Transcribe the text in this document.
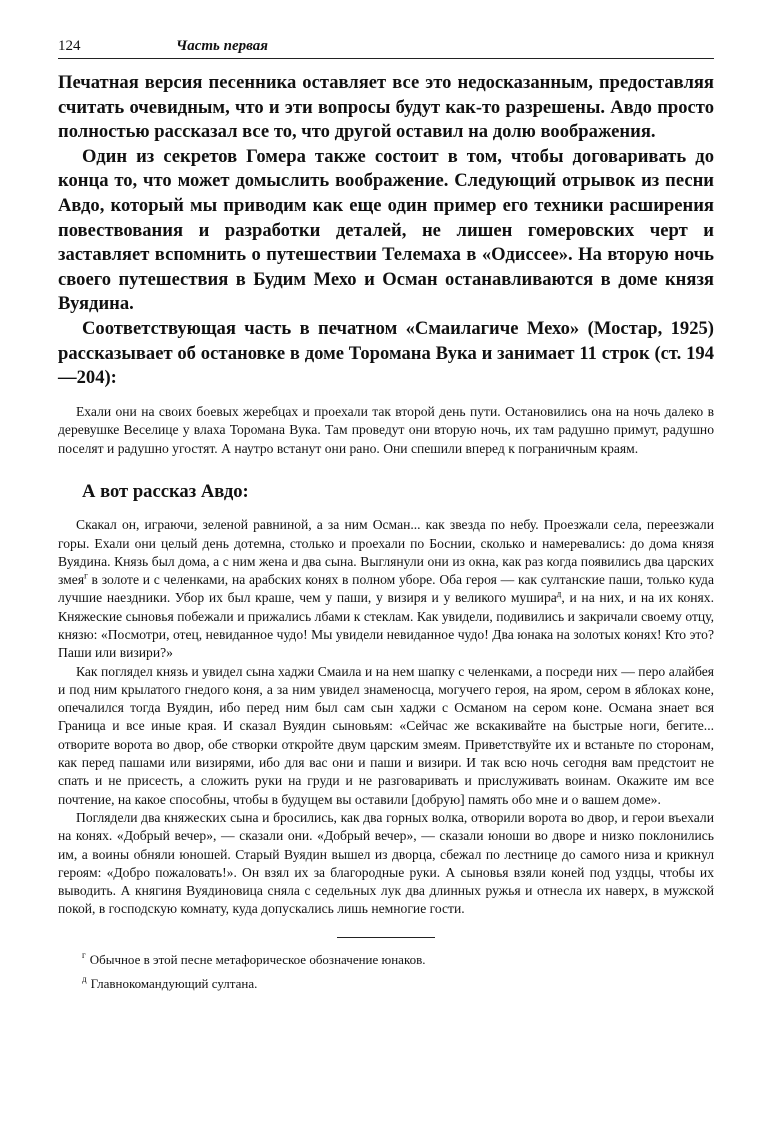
124	Часть первая

Печатная версия песенника оставляет все это недосказанным, предоставляя считать очевидным, что и эти вопросы будут как-то разрешены. Авдо просто полностью рассказал все то, что другой оставил на долю воображения.

Один из секретов Гомера также состоит в том, чтобы договаривать до конца то, что может домыслить воображение. Следующий отрывок из песни Авдо, который мы приводим как еще один пример его техники расширения повествования и разработки деталей, не лишен гомеровских черт и заставляет вспомнить о путешествии Телемаха в «Одиссее». На вторую ночь своего путешествия в Будим Мехо и Осман останавливаются в доме князя Вуядина.

Соответствующая часть в печатном «Смаилагиче Мехо» (Мостар, 1925) рассказывает об остановке в доме Торомана Вука и занимает 11 строк (ст. 194—204):

Ехали они на своих боевых жеребцах и проехали так второй день пути. Остановились она на ночь далеко в деревушке Веселице у влаха Торомана Вука. Там проведут они вторую ночь, их там радушно примут, радушно поселят и радушно угостят. А наутро встанут они рано. Они спешили вперед к пограничным краям.

А вот рассказ Авдо:

Скакал он, играючи, зеленой равниной, а за ним Осман... как звезда по небу. Проезжали села, переезжали горы. Ехали они целый день дотемна, столько и проехали по Боснии, сколько и намеревались: до дома князя Вуядина. Князь был дома, а с ним жена и два сына. Выглянули они из окна, как раз когда появились два царских змея$^г$ в золоте и с челенками, на арабских конях в полном уборе. Оба героя — как султанские паши, только куда лучшие наездники. Убор их был краше, чем у паши, у визиря и у великого мушира$^д$, и на них, и на их конях. Княжеские сыновья побежали и прижались лбами к стеклам. Как увидели, подивились и закричали своему отцу, князю: «Посмотри, отец, невиданное чудо! Мы увидели невиданное чудо! Два юнака на золотых конях! Кто это? Паши или визири?»

Как поглядел князь и увидел сына хаджи Смаила и на нем шапку с челенками, а посреди них — перо алайбея и под ним крылатого гнедого коня, а за ним увидел знаменосца, могучего героя, на яром, сером в яблоках коне, опечалился тогда Вуядин, ибо перед ним был сам сын хаджи с Османом на сером коне. Османа знает вся Граница и все иные края. И сказал Вуядин сыновьям: «Сейчас же вскакивайте на быстрые ноги, бегите... отворите ворота во двор, обе створки откройте двум царским змеям. Приветствуйте их и встаньте по сторонам, как перед пашами или визирями, ибо для вас они и паши и визири. И так всю ночь сегодня вам предстоит не спать и не присесть, а сложить руки на груди и не разговаривать и прислуживать воинам. Окажите им все почтение, на какое способны, чтобы в будущем вы оставили [добрую] память обо мне и о вашем доме».

Поглядели два княжеских сына и бросились, как два горных волка, отворили ворота во двор, и герои въехали на конях. «Добрый вечер», — сказали они. «Добрый вечер», — сказали юноши во дворе и низко поклонились им, а воины обняли юношей. Старый Вуядин вышел из дворца, сбежал по лестнице до самого низа и крикнул героям: «Добро пожаловать!». Он взял их за благородные руки. А сыновья взяли коней под уздцы, чтобы их выводить. А княгиня Вуядиновица сняла с седельных лук два длинных ружья и отнесла их наверх, в мужской покой, в господскую комнату, куда допускались лишь немногие гости.

$^г$ Обычное в этой песне метафорическое обозначение юнаков.
$^д$ Главнокомандующий султана.
